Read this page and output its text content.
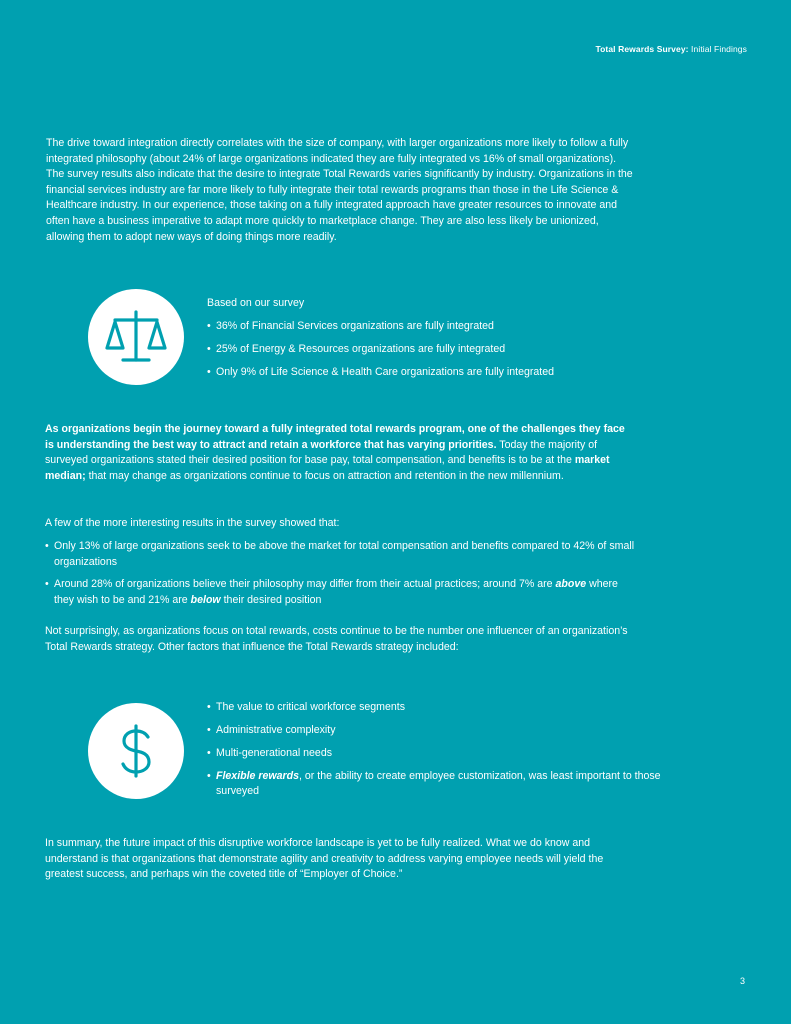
Total Rewards Survey: Initial Findings
The drive toward integration directly correlates with the size of company, with larger organizations more likely to follow a fully integrated philosophy (about 24% of large organizations indicated they are fully integrated vs 16% of small organizations). The survey results also indicate that the desire to integrate Total Rewards varies significantly by industry. Organizations in the financial services industry are far more likely to fully integrate their total rewards programs than those in the Life Science & Healthcare industry. In our experience, those taking on a fully integrated approach have greater resources to innovate and often have a business imperative to adapt more quickly to marketplace change. They are also less likely be unionized, allowing them to adopt new ways of doing things more readily.
Based on our survey
• 36% of Financial Services organizations are fully integrated
• 25% of Energy & Resources organizations are fully integrated
• Only 9% of Life Science & Health Care organizations are fully integrated
As organizations begin the journey toward a fully integrated total rewards program, one of the challenges they face is understanding the best way to attract and retain a workforce that has varying priorities. Today the majority of surveyed organizations stated their desired position for base pay, total compensation, and benefits is to be at the market median; that may change as organizations continue to focus on attraction and retention in the new millennium.
A few of the more interesting results in the survey showed that:
• Only 13% of large organizations seek to be above the market for total compensation and benefits compared to 42% of small organizations
• Around 28% of organizations believe their philosophy may differ from their actual practices; around 7% are above where they wish to be and 21% are below their desired position
Not surprisingly, as organizations focus on total rewards, costs continue to be the number one influencer of an organization’s Total Rewards strategy. Other factors that influence the Total Rewards strategy included:
• The value to critical workforce segments
• Administrative complexity
• Multi-generational needs
• Flexible rewards, or the ability to create employee customization, was least important to those surveyed
In summary, the future impact of this disruptive workforce landscape is yet to be fully realized. What we do know and understand is that organizations that demonstrate agility and creativity to address varying employee needs will yield the greatest success, and perhaps win the coveted title of “Employer of Choice.”
3
